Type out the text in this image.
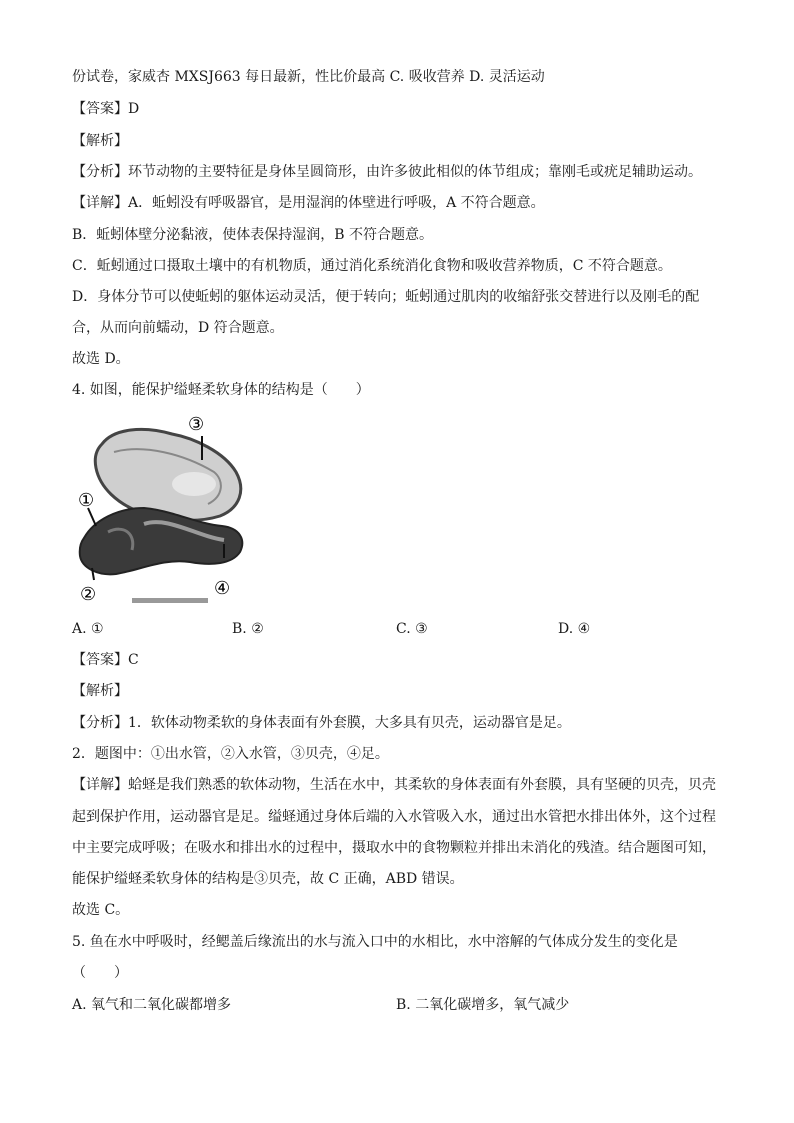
份试卷，家威杏 MXSJ663 每日最新，性比价最高 C. 吸收营养 D. 灵活运动
【答案】D
【解析】
【分析】环节动物的主要特征是身体呈圆筒形，由许多彼此相似的体节组成；靠刚毛或疣足辅助运动。
【详解】A．蚯蚓没有呼吸器官，是用湿润的体壁进行呼吸，A 不符合题意。
B．蚯蚓体壁分泌黏液，使体表保持湿润，B 不符合题意。
C．蚯蚓通过口摄取土壤中的有机物质，通过消化系统消化食物和吸收营养物质，C 不符合题意。
D．身体分节可以使蚯蚓的躯体运动灵活，便于转向；蚯蚓通过肌肉的收缩舒张交替进行以及刚毛的配
合，从而向前蠕动，D 符合题意。
故选 D。
4. 如图，能保护缢蛏柔软身体的结构是（　　）
③
①
②	④
A. ①	B. ②	C. ③	D. ④
【答案】C
【解析】
【分析】1．软体动物柔软的身体表面有外套膜，大多具有贝壳，运动器官是足。
2．题图中：①出水管，②入水管，③贝壳，④足。
【详解】蛤蛏是我们熟悉的软体动物，生活在水中，其柔软的身体表面有外套膜，具有坚硬的贝壳，贝壳
起到保护作用，运动器官是足。缢蛏通过身体后端的入水管吸入水，通过出水管把水排出体外，这个过程
中主要完成呼吸；在吸水和排出水的过程中，摄取水中的食物颗粒并排出未消化的残渣。结合题图可知，
能保护缢蛏柔软身体的结构是③贝壳，故 C 正确，ABD 错误。
故选 C。
5. 鱼在水中呼吸时，经鳃盖后缘流出的水与流入口中的水相比，水中溶解的气体成分发生的变化是
（　　）
A. 氧气和二氧化碳都增多	B. 二氧化碳增多，氧气减少
